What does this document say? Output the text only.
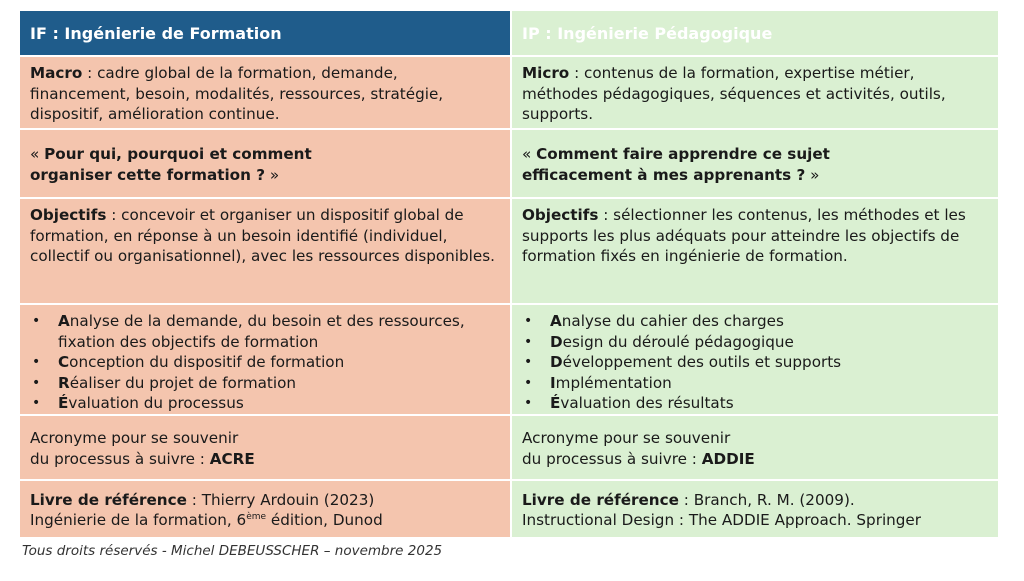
IF : Ingénierie de Formation	IP : Ingénierie Pédagogique
Macro : cadre global de la formation, demande, financement, besoin, modalités, ressources, stratégie, dispositif, amélioration continue.
Micro : contenus de la formation, expertise métier, méthodes pédagogiques, séquences et activités, outils, supports.
« Pour qui, pourquoi et comment organiser cette formation ? »
« Comment faire apprendre ce sujet efficacement à mes apprenants ? »
Objectifs : concevoir et organiser un dispositif global de formation, en réponse à un besoin identifié (individuel, collectif ou organisationnel), avec les ressources disponibles.
Objectifs : sélectionner les contenus, les méthodes et les supports les plus adéquats pour atteindre les objectifs de formation fixés en ingénierie de formation.
• Analyse de la demande, du besoin et des ressources, fixation des objectifs de formation
• Conception du dispositif de formation
• Réaliser du projet de formation
• Évaluation du processus
• Analyse du cahier des charges
• Design du déroulé pédagogique
• Développement des outils et supports
• Implémentation
• Évaluation des résultats
Acronyme pour se souvenir
du processus à suivre : ACRE
Acronyme pour se souvenir
du processus à suivre : ADDIE
Livre de référence : Thierry Ardouin (2023)
Ingénierie de la formation, 6ème édition, Dunod
Livre de référence : Branch, R. M. (2009).
Instructional Design : The ADDIE Approach. Springer
Tous droits réservés - Michel DEBEUSSCHER – novembre 2025
